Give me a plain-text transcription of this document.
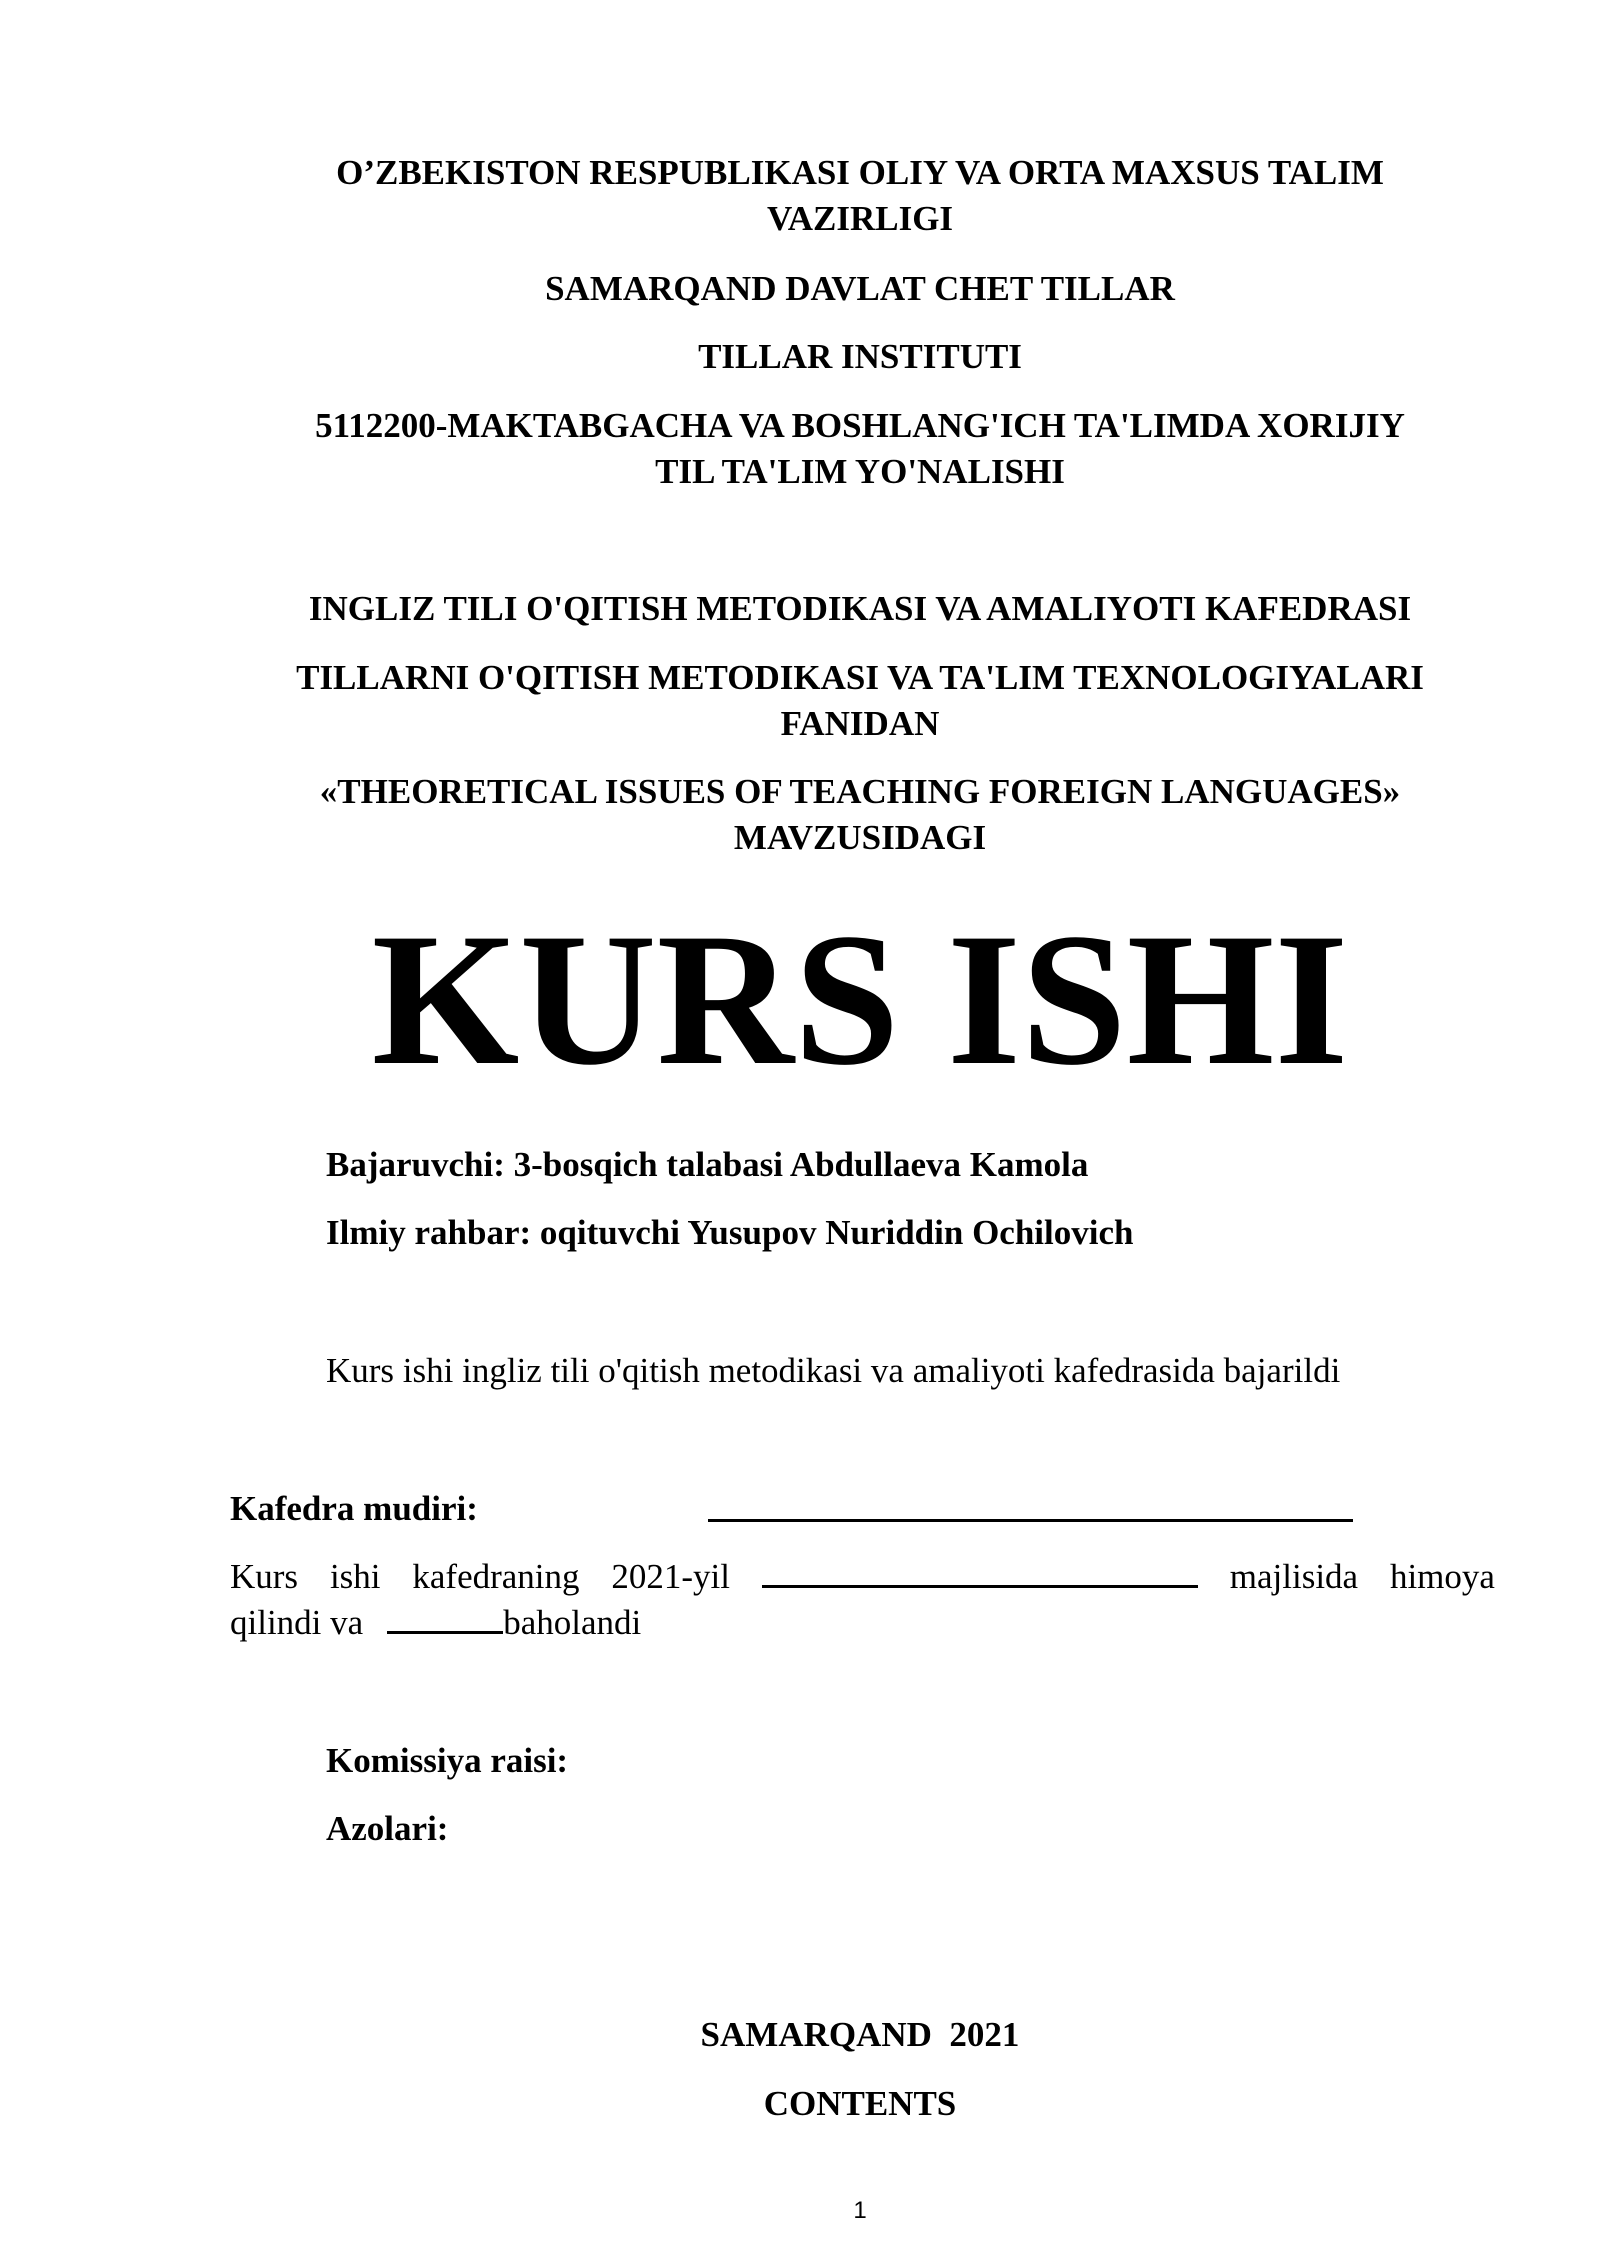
O’ZBEKISTON RESPUBLIKASI OLIY VA ORTA MAXSUS TALIM
VAZIRLIGI
SAMARQAND DAVLAT CHET TILLAR
TILLAR INSTITUTI
5112200-MAKTABGACHA VA BOSHLANG'ICH TA'LIMDA XORIJIY
TIL TA'LIM YO'NALISHI
INGLIZ TILI O'QITISH METODIKASI VA AMALIYOTI KAFEDRASI
TILLARNI O'QITISH METODIKASI VA TA'LIM TEXNOLOGIYALARI
FANIDAN
«THEORETICAL ISSUES OF TEACHING FOREIGN LANGUAGES»
MAVZUSIDAGI
KURS ISHI
Bajaruvchi: 3-bosqich talabasi Abdullaeva Kamola
Ilmiy rahbar: oqituvchi Yusupov Nuriddin Ochilovich
Kurs ishi ingliz tili o'qitish metodikasi va amaliyoti kafedrasida bajarildi
Kafedra mudiri:
Kurs ishi kafedraning 2021-yil	majlisida himoya
qilindi va	baholandi
Komissiya raisi:
Azolari:
SAMARQAND  2021
CONTENTS
1
